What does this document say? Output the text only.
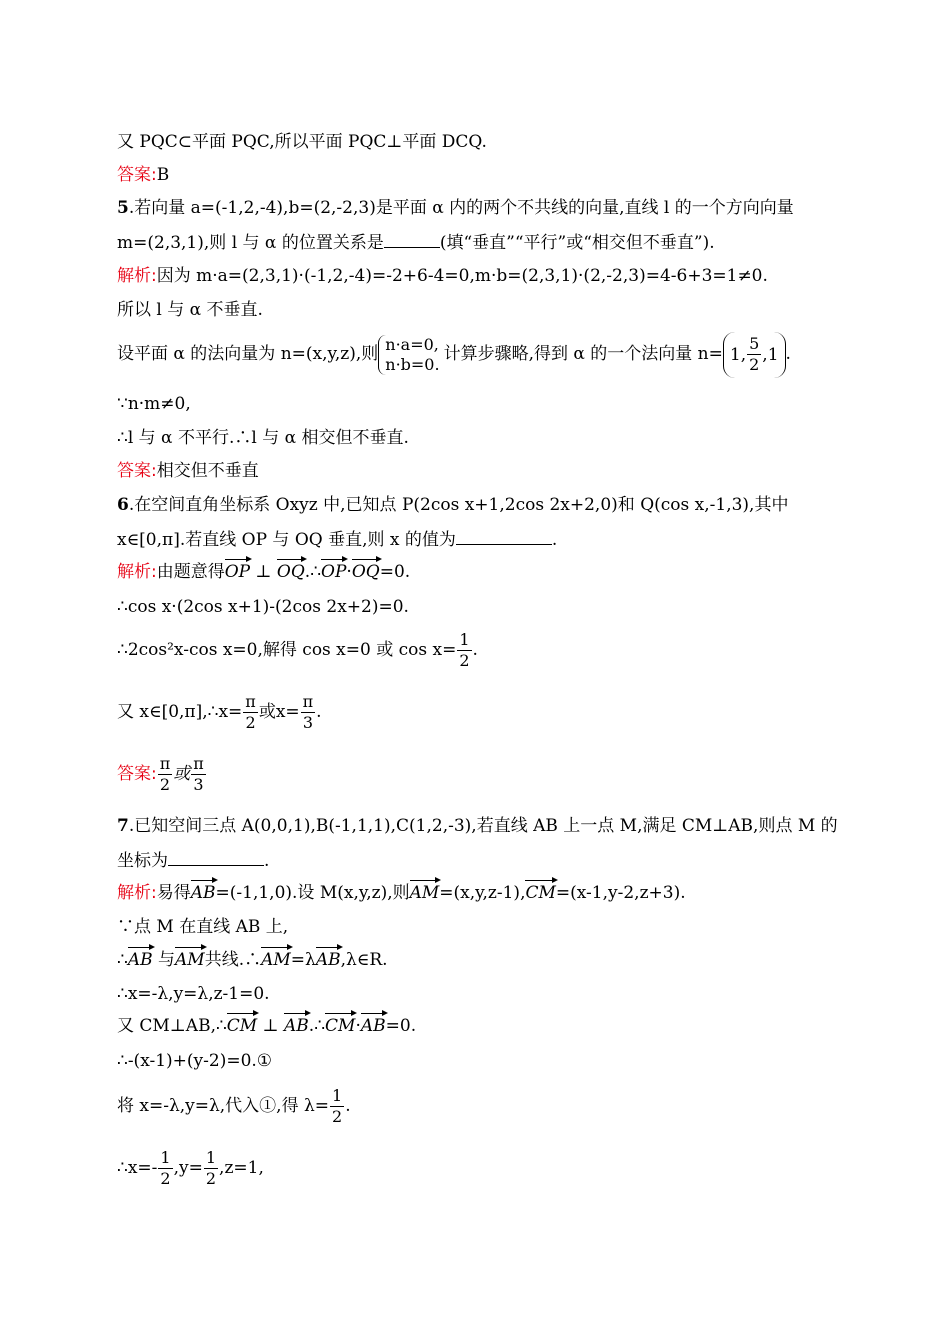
又 PQC⊂平面 PQC,所以平面 PQC⊥平面 DCQ.
答案:B
5.若向量 a=(-1,2,-4),b=(2,-2,3)是平面 α 内的两个不共线的向量,直线 l 的一个方向向量
m=(2,3,1),则 l 与 α 的位置关系是	(填“垂直”“平行”或“相交但不垂直”).
解析:因为 m·a=(2,3,1)·(-1,2,-4)=-2+6-4=0,m·b=(2,3,1)·(2,-2,3)=4-6+3=1≠0.
所以 l 与 α 不垂直.
设平面 α 的法向量为 n=(x,y,z),则 n·a=0,
n·b=0. 计算步骤略,得到 α 的一个法向量 n= 1 , $\frac{5}{2}$ , 1 .
∵n·m≠0,
∴l 与 α 不平行.∴l 与 α 相交但不垂直.
答案:相交但不垂直
6.在空间直角坐标系 Oxyz 中,已知点 P(2cos x+1,2cos 2x+2,0)和 Q(cos x,-1,3),其中
x∈[0,π].若直线 OP 与 OQ 垂直,则 x 的值为	.
解析:由题意得OP ⊥ OQ.∴OP·OQ=0.
∴cos x·(2cos x+1)-(2cos 2x+2)=0.
∴2cos²x-cos x=0,解得 cos x=0 或 $\cos x= \frac{1}{2}$ .
又 x∈[0,π],∴x= $\frac{\pi}{2}$ 或$x= \frac{\pi}{3}$ .
答案: $\frac{\pi}{2}$ 或 $\frac{\pi}{3}$
7.已知空间三点 A(0,0,1),B(-1,1,1),C(1,2,-3),若直线 AB 上一点 M,满足 CM⊥AB,则点 M 的
坐标为	.
解析:易得AB=(-1,1,0).设 M(x,y,z),则AM=(x,y,z-1),CM=(x-1,y-2,z+3).
∵点 M 在直线 AB 上,
∴AB 与AM共线.∴AM=λAB,λ∈R.
∴x=-λ,y=λ,z-1=0.
又 CM⊥AB,∴CM ⊥ AB.∴CM·AB=0.
∴-(x-1)+(y-2)=0.①
将 x=-λ,y=λ,代入①,得 $\lambda= \frac{1}{2}$ .
∴x=- $\frac{1}{2} ,y= \frac{1}{2} ,z=1$,
